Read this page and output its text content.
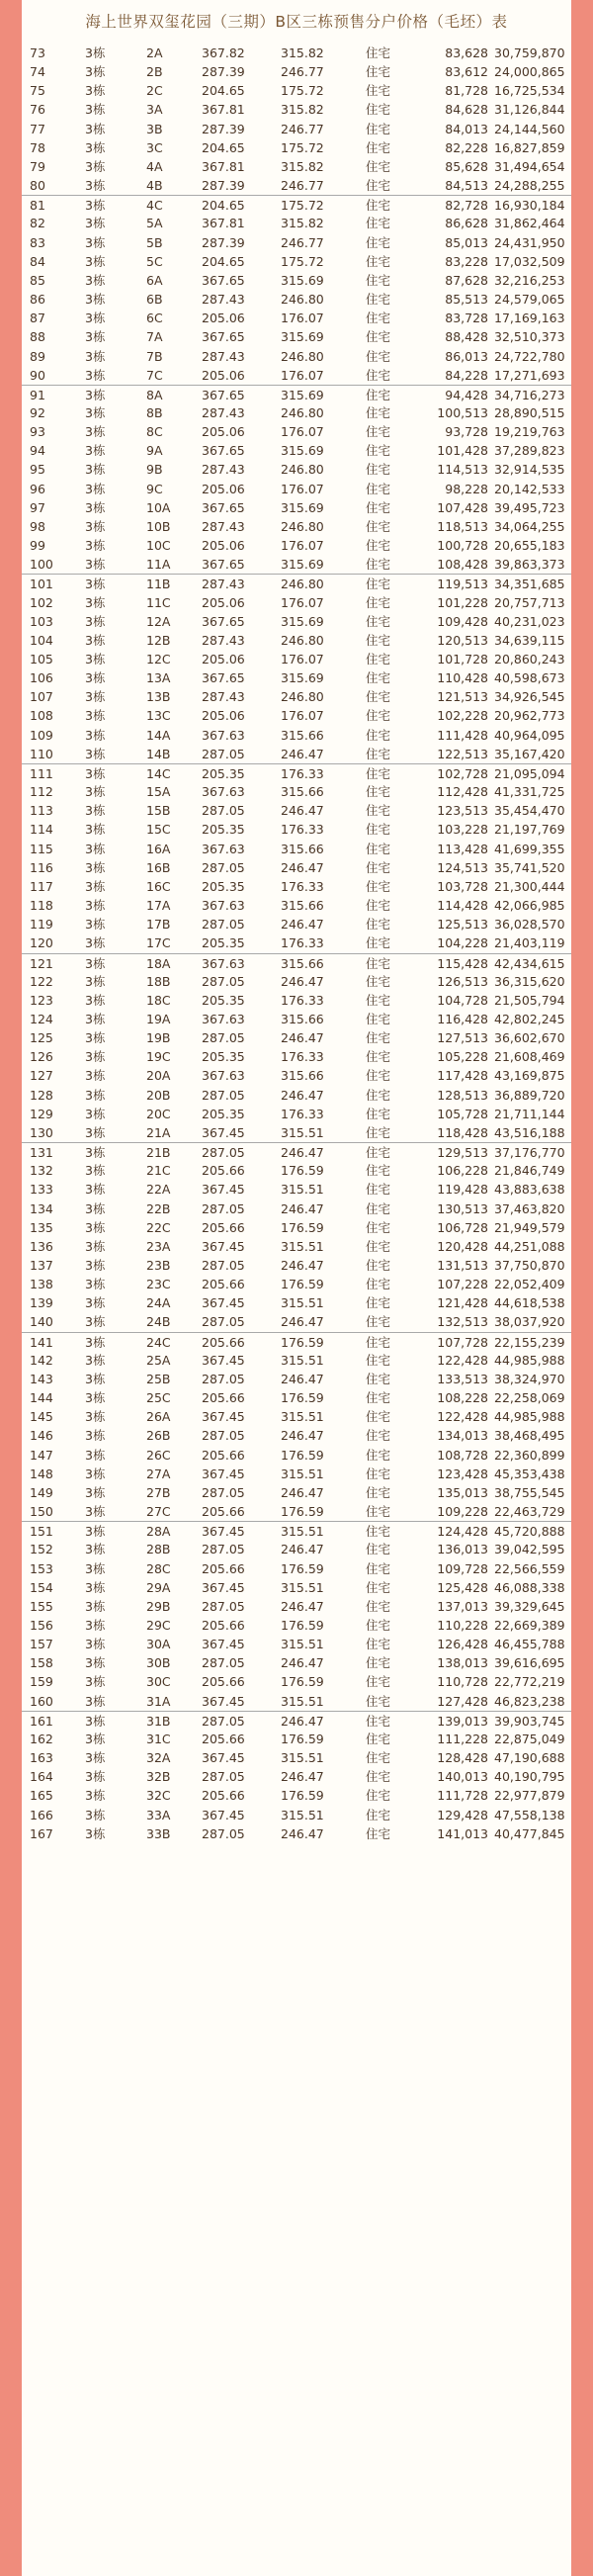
海上世界双玺花园（三期）B区三栋预售分户价格（毛坯）表
73	3栋	2A	367.82	315.82	住宅	83,628 30,759,870
74	3栋	2B	287.39	246.77	住宅	83,612 24,000,865
75	3栋	2C	204.65	175.72	住宅	81,728 16,725,534
76	3栋	3A	367.81	315.82	住宅	84,628 31,126,844
77	3栋	3B	287.39	246.77	住宅	84,013 24,144,560
78	3栋	3C	204.65	175.72	住宅	82,228 16,827,859
79	3栋	4A	367.81	315.82	住宅	85,628 31,494,654
80	3栋	4B	287.39	246.77	住宅	84,513 24,288,255
81	3栋	4C	204.65	175.72	住宅	82,728 16,930,184
82	3栋	5A	367.81	315.82	住宅	86,628 31,862,464
83	3栋	5B	287.39	246.77	住宅	85,013 24,431,950
84	3栋	5C	204.65	175.72	住宅	83,228 17,032,509
85	3栋	6A	367.65	315.69	住宅	87,628 32,216,253
86	3栋	6B	287.43	246.80	住宅	85,513 24,579,065
87	3栋	6C	205.06	176.07	住宅	83,728 17,169,163
88	3栋	7A	367.65	315.69	住宅	88,428 32,510,373
89	3栋	7B	287.43	246.80	住宅	86,013 24,722,780
90	3栋	7C	205.06	176.07	住宅	84,228 17,271,693
91	3栋	8A	367.65	315.69	住宅	94,428 34,716,273
92	3栋	8B	287.43	246.80	住宅	100,513 28,890,515
93	3栋	8C	205.06	176.07	住宅	93,728 19,219,763
94	3栋	9A	367.65	315.69	住宅	101,428 37,289,823
95	3栋	9B	287.43	246.80	住宅	114,513 32,914,535
96	3栋	9C	205.06	176.07	住宅	98,228 20,142,533
97	3栋	10A	367.65	315.69	住宅	107,428 39,495,723
98	3栋	10B	287.43	246.80	住宅	118,513 34,064,255
99	3栋	10C	205.06	176.07	住宅	100,728 20,655,183
100	3栋	11A	367.65	315.69	住宅	108,428 39,863,373
101	3栋	11B	287.43	246.80	住宅	119,513 34,351,685
102	3栋	11C	205.06	176.07	住宅	101,228 20,757,713
103	3栋	12A	367.65	315.69	住宅	109,428 40,231,023
104	3栋	12B	287.43	246.80	住宅	120,513 34,639,115
105	3栋	12C	205.06	176.07	住宅	101,728 20,860,243
106	3栋	13A	367.65	315.69	住宅	110,428 40,598,673
107	3栋	13B	287.43	246.80	住宅	121,513 34,926,545
108	3栋	13C	205.06	176.07	住宅	102,228 20,962,773
109	3栋	14A	367.63	315.66	住宅	111,428 40,964,095
110	3栋	14B	287.05	246.47	住宅	122,513 35,167,420
111	3栋	14C	205.35	176.33	住宅	102,728 21,095,094
112	3栋	15A	367.63	315.66	住宅	112,428 41,331,725
113	3栋	15B	287.05	246.47	住宅	123,513 35,454,470
114	3栋	15C	205.35	176.33	住宅	103,228 21,197,769
115	3栋	16A	367.63	315.66	住宅	113,428 41,699,355
116	3栋	16B	287.05	246.47	住宅	124,513 35,741,520
117	3栋	16C	205.35	176.33	住宅	103,728 21,300,444
118	3栋	17A	367.63	315.66	住宅	114,428 42,066,985
119	3栋	17B	287.05	246.47	住宅	125,513 36,028,570
120	3栋	17C	205.35	176.33	住宅	104,228 21,403,119
121	3栋	18A	367.63	315.66	住宅	115,428 42,434,615
122	3栋	18B	287.05	246.47	住宅	126,513 36,315,620
123	3栋	18C	205.35	176.33	住宅	104,728 21,505,794
124	3栋	19A	367.63	315.66	住宅	116,428 42,802,245
125	3栋	19B	287.05	246.47	住宅	127,513 36,602,670
126	3栋	19C	205.35	176.33	住宅	105,228 21,608,469
127	3栋	20A	367.63	315.66	住宅	117,428 43,169,875
128	3栋	20B	287.05	246.47	住宅	128,513 36,889,720
129	3栋	20C	205.35	176.33	住宅	105,728 21,711,144
130	3栋	21A	367.45	315.51	住宅	118,428 43,516,188
131	3栋	21B	287.05	246.47	住宅	129,513 37,176,770
132	3栋	21C	205.66	176.59	住宅	106,228 21,846,749
133	3栋	22A	367.45	315.51	住宅	119,428 43,883,638
134	3栋	22B	287.05	246.47	住宅	130,513 37,463,820
135	3栋	22C	205.66	176.59	住宅	106,728 21,949,579
136	3栋	23A	367.45	315.51	住宅	120,428 44,251,088
137	3栋	23B	287.05	246.47	住宅	131,513 37,750,870
138	3栋	23C	205.66	176.59	住宅	107,228 22,052,409
139	3栋	24A	367.45	315.51	住宅	121,428 44,618,538
140	3栋	24B	287.05	246.47	住宅	132,513 38,037,920
141	3栋	24C	205.66	176.59	住宅	107,728 22,155,239
142	3栋	25A	367.45	315.51	住宅	122,428 44,985,988
143	3栋	25B	287.05	246.47	住宅	133,513 38,324,970
144	3栋	25C	205.66	176.59	住宅	108,228 22,258,069
145	3栋	26A	367.45	315.51	住宅	122,428 44,985,988
146	3栋	26B	287.05	246.47	住宅	134,013 38,468,495
147	3栋	26C	205.66	176.59	住宅	108,728 22,360,899
148	3栋	27A	367.45	315.51	住宅	123,428 45,353,438
149	3栋	27B	287.05	246.47	住宅	135,013 38,755,545
150	3栋	27C	205.66	176.59	住宅	109,228 22,463,729
151	3栋	28A	367.45	315.51	住宅	124,428 45,720,888
152	3栋	28B	287.05	246.47	住宅	136,013 39,042,595
153	3栋	28C	205.66	176.59	住宅	109,728 22,566,559
154	3栋	29A	367.45	315.51	住宅	125,428 46,088,338
155	3栋	29B	287.05	246.47	住宅	137,013 39,329,645
156	3栋	29C	205.66	176.59	住宅	110,228 22,669,389
157	3栋	30A	367.45	315.51	住宅	126,428 46,455,788
158	3栋	30B	287.05	246.47	住宅	138,013 39,616,695
159	3栋	30C	205.66	176.59	住宅	110,728 22,772,219
160	3栋	31A	367.45	315.51	住宅	127,428 46,823,238
161	3栋	31B	287.05	246.47	住宅	139,013 39,903,745
162	3栋	31C	205.66	176.59	住宅	111,228 22,875,049
163	3栋	32A	367.45	315.51	住宅	128,428 47,190,688
164	3栋	32B	287.05	246.47	住宅	140,013 40,190,795
165	3栋	32C	205.66	176.59	住宅	111,728 22,977,879
166	3栋	33A	367.45	315.51	住宅	129,428 47,558,138
167	3栋	33B	287.05	246.47	住宅	141,013 40,477,845
